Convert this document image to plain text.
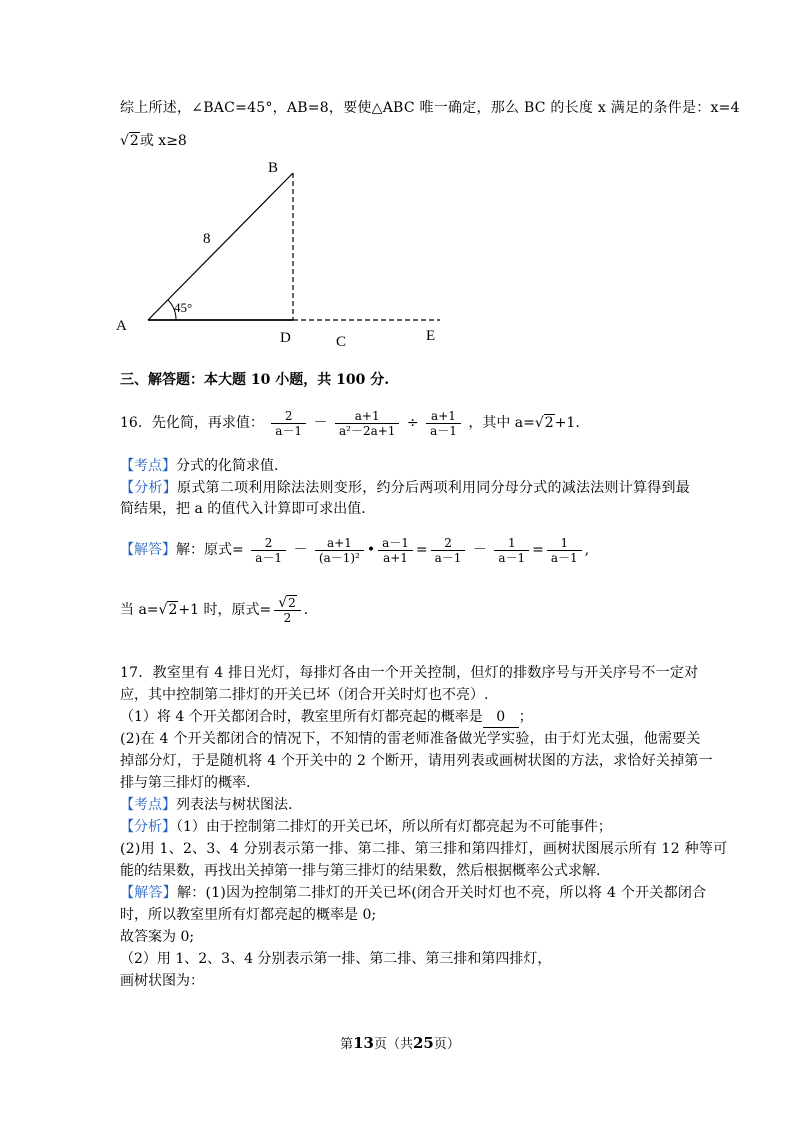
综上所述，∠BAC=45°，AB=8，要使△ABC 唯一确定，那么 BC 的长度 x 满足的条件是：x=4
√2或 x≥8
A
B
C
D	E
8
45°
三、解答题：本大题 10 小题，共 100 分.
16．先化简，再求值： $\frac{2}{a-1} - \frac{a+1}{\text{a²－2a+1}} \div \frac{a+1}{a-1}$ ，其中 a=√2+1.
【考点】分式的化简求值.
【分析】原式第二项利用除法法则变形，约分后两项利用同分母分式的减法法则计算得到最
简结果，把 a 的值代入计算即可求出值.
【解答】解：原式= $\frac{2}{a-1} - \frac{a+1}{\text{(a－1)²}}$ • $\frac{a-1}{a+1} = \frac{2}{a-1} - \frac{1}{a-1} = \frac{1}{a-1}$ ,
当 a=√2+1 时，原式= $\frac{√2}{2}$ .
17．教室里有 4 排日光灯，每排灯各由一个开关控制，但灯的排数序号与开关序号不一定对
应，其中控制第二排灯的开关已坏（闭合开关时灯也不亮）.
（1）将 4 个开关都闭合时，教室里所有灯都亮起的概率是 0 ；
(2)在 4 个开关都闭合的情况下，不知情的雷老师准备做光学实验，由于灯光太强，他需要关
掉部分灯，于是随机将 4 个开关中的 2 个断开，请用列表或画树状图的方法，求恰好关掉第一
排与第三排灯的概率.
【考点】列表法与树状图法.
【分析】（1）由于控制第二排灯的开关已坏，所以所有灯都亮起为不可能事件；
(2)用 1、2、3、4 分别表示第一排、第二排、第三排和第四排灯，画树状图展示所有 12 种等可
能的结果数，再找出关掉第一排与第三排灯的结果数，然后根据概率公式求解.
【解答】解：(1)因为控制第二排灯的开关已坏(闭合开关时灯也不亮，所以将 4 个开关都闭合
时，所以教室里所有灯都亮起的概率是 0;
故答案为 0;
（2）用 1、2、3、4 分别表示第一排、第二排、第三排和第四排灯，
画树状图为：
第13页（共25页）
